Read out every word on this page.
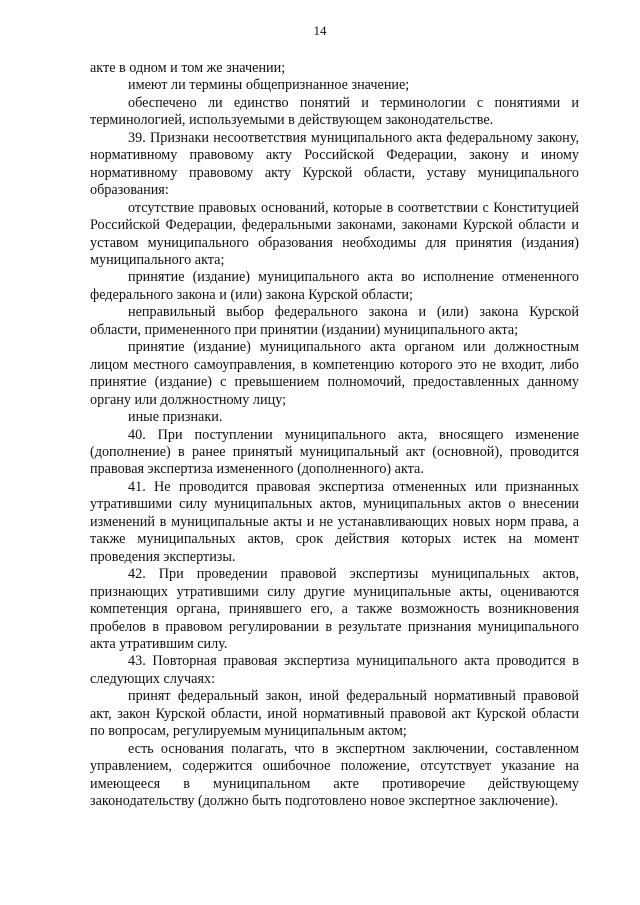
14

акте в одном и том же значении;

имеют ли термины общепризнанное значение;

обеспечено ли единство понятий и терминологии с понятиями и терминологией, используемыми в действующем законодательстве.

39. Признаки несоответствия муниципального акта федеральному закону, нормативному правовому акту Российской Федерации, закону и иному нормативному правовому акту Курской области, уставу муниципального образования:

отсутствие правовых оснований, которые в соответствии с Конституцией Российской Федерации, федеральными законами, законами Курской области и уставом муниципального образования необходимы для принятия (издания) муниципального акта;

принятие (издание) муниципального акта во исполнение отмененного федерального закона и (или) закона Курской области;

неправильный выбор федерального закона и (или) закона Курской области, примененного при принятии (издании) муниципального акта;

принятие (издание) муниципального акта органом или должностным лицом местного самоуправления, в компетенцию которого это не входит, либо принятие (издание) с превышением полномочий, предоставленных данному органу или должностному лицу;

иные признаки.

40. При поступлении муниципального акта, вносящего изменение (дополнение) в ранее принятый муниципальный акт (основной), проводится правовая экспертиза измененного (дополненного) акта.

41. Не проводится правовая экспертиза отмененных или признанных утратившими силу муниципальных актов, муниципальных актов о внесении изменений в муниципальные акты и не устанавливающих новых норм права, а также муниципальных актов, срок действия которых истек на момент проведения экспертизы.

42. При проведении правовой экспертизы муниципальных актов, признающих утратившими силу другие муниципальные акты, оцениваются компетенция органа, принявшего его, а также возможность возникновения пробелов в правовом регулировании в результате признания муниципального акта утратившим силу.

43. Повторная правовая экспертиза муниципального акта проводится в следующих случаях:

принят федеральный закон, иной федеральный нормативный правовой акт, закон Курской области, иной нормативный правовой акт Курской области по вопросам, регулируемым муниципальным актом;

есть основания полагать, что в экспертном заключении, составленном управлением, содержится ошибочное положение, отсутствует указание на имеющееся в муниципальном акте противоречие действующему законодательству (должно быть подготовлено новое экспертное заключение).
